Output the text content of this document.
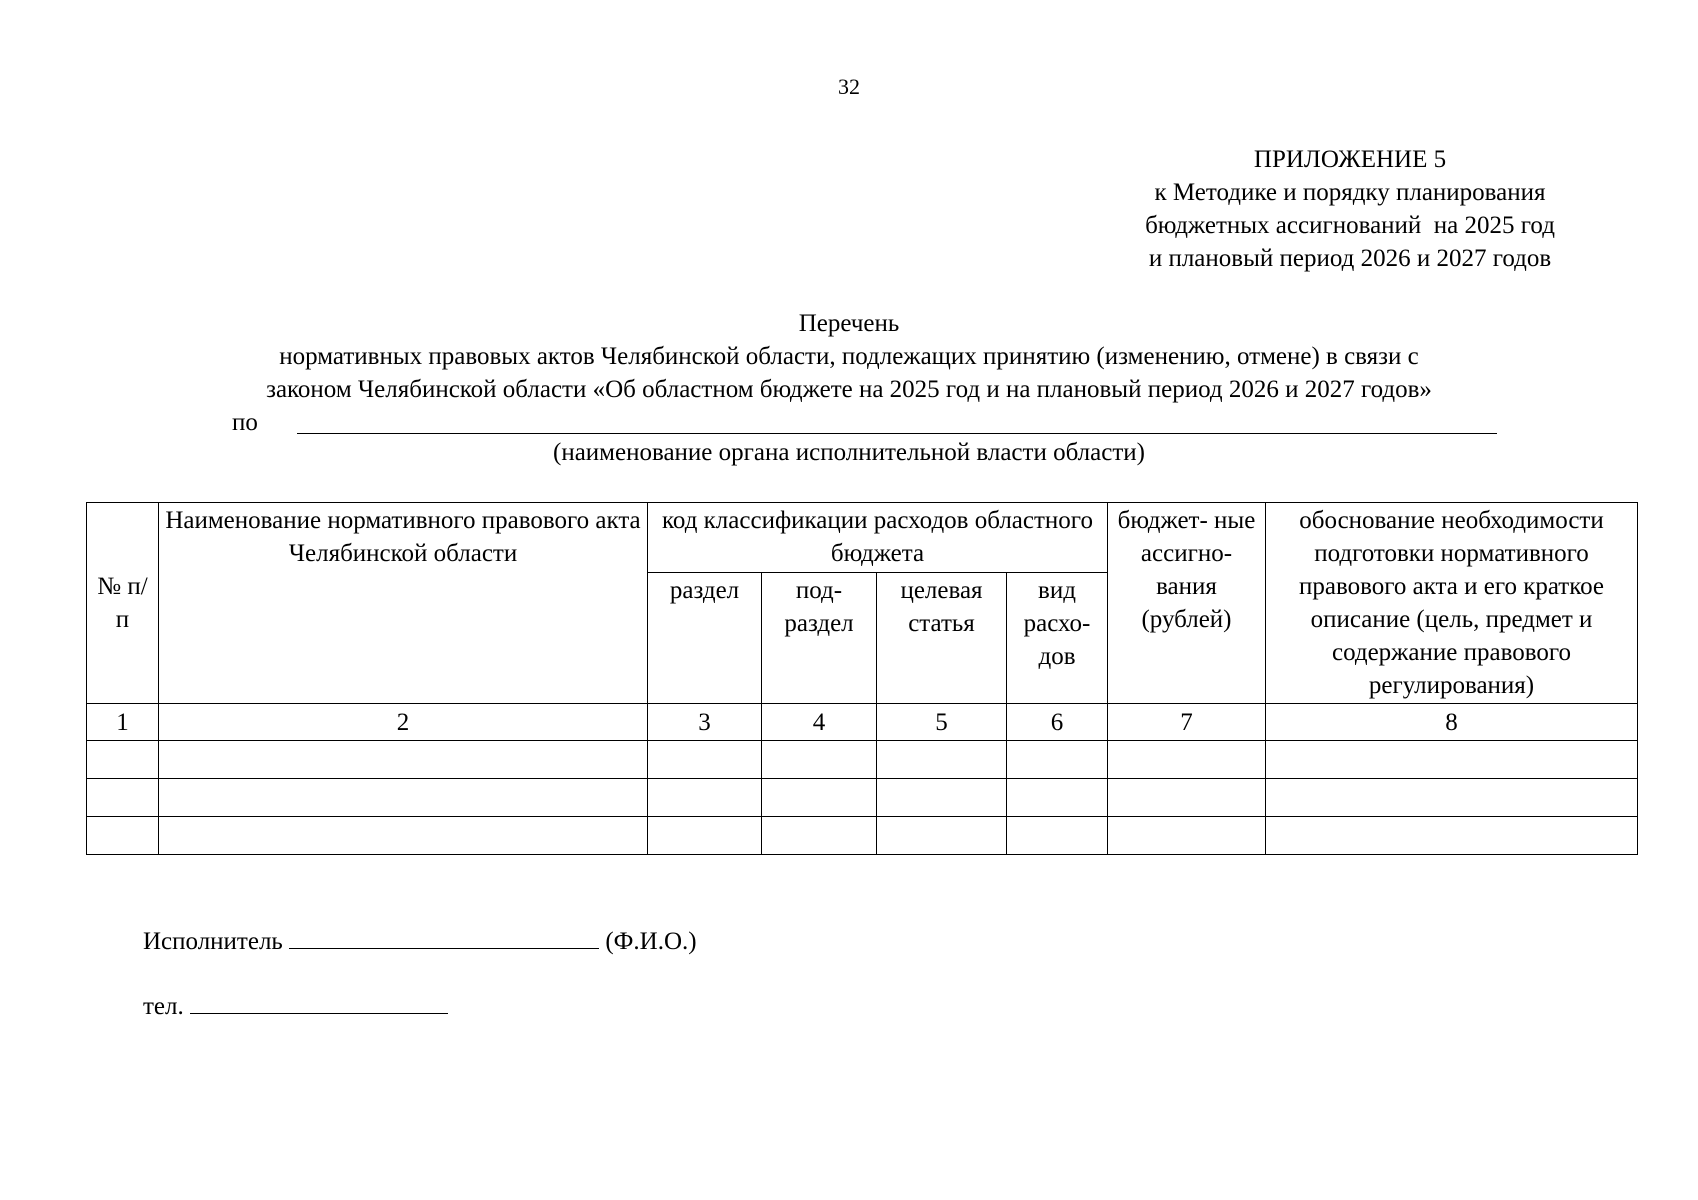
32
ПРИЛОЖЕНИЕ 5
к Методике и порядку планирования
бюджетных ассигнований  на 2025 год
и плановый период 2026 и 2027 годов
Перечень
нормативных правовых актов Челябинской области, подлежащих принятию (изменению, отмене) в связи с
законом Челябинской области «Об областном бюджете на 2025 год и на плановый период 2026 и 2027 годов»
по
(наименование органа исполнительной власти области)
№ п/п	Наименование нормативного правового акта Челябинской области	код классификации расходов областного бюджета				бюджет- ные ассигно- вания (рублей)	обоснование необходимости подготовки нормативного правового акта и его краткое описание (цель, предмет и содержание правового регулирования)
		раздел	под- раздел	целевая статья	вид расхо- дов		
1	2	3	4	5	6	7	8

Исполнитель	(Ф.И.О.)
тел.
